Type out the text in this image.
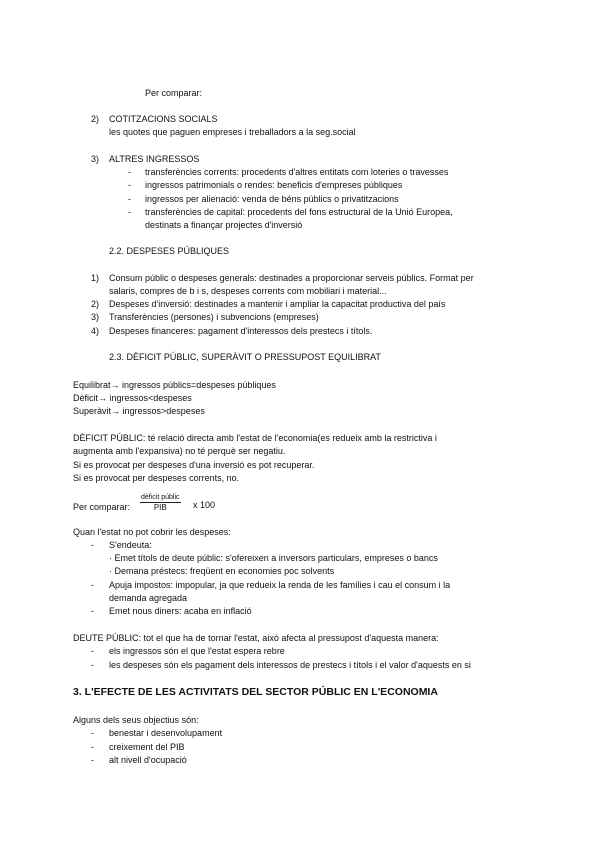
Per comparar:
2) COTITZACIONS SOCIALS
les quotes que paguen empreses i treballadors a la seg.social
3) ALTRES INGRESSOS
- transferències corrents: procedents d'altres entitats com loteries o travesses
- ingressos patrimonials o rendes: beneficis d'empreses públiques
- ingressos per alienació: venda de béns públics o privatitzacions
- transferències de capital: procedents del fons estructural de la Unió Europea,
destinats a finançar projectes d'inversió
2.2. DESPESES PÚBLIQUES
1) Consum públic o despeses generals: destinades a proporcionar serveis públics. Format per
salaris, compres de b i s, despeses corrents com mobiliari i material...
2) Despeses d'inversió: destinades a mantenir i ampliar la capacitat productiva del país
3) Transferències (persones) i subvencions (empreses)
4) Despeses financeres: pagament d'interessos dels prestecs i títols.
2.3. DÈFICIT PÚBLIC, SUPERÀVIT O PRESSUPOST EQUILIBRAT
Equilibrat→ ingressos públics=despeses públiques
Dèficit→ ingressos<despeses
Superàvit→ ingressos>despeses
DÈFICIT PÚBLIC: té relació directa amb l'estat de l'economia(es redueix amb la restrictiva i
augmenta amb l'expansiva) no té perquè ser negatiu.
Si es provocat per despeses d'una inversió es pot recuperar.
Si es provocat per despeses corrents, no.
Per comparar:
dèficit públic
PIB	x 100
Quan l'estat no pot cobrir les despeses:
- S'endeuta:
· Emet títols de deute públic: s'ofereixen a inversors particulars, empreses o bancs
· Demana préstecs: freqüent en economies poc solvents
- Apuja impostos: impopular, ja que redueix la renda de les famílies i cau el consum i la
demanda agregada
- Emet nous diners: acaba en inflació
DEUTE PÚBLIC: tot el que ha de tornar l'estat, això afecta al pressupost d'aquesta manera:
- els ingressos són el que l'estat espera rebre
- les despeses són els pagament dels interessos de prestecs i títols i el valor d'aquests en si
3. L'EFECTE DE LES ACTIVITATS DEL SECTOR PÚBLIC EN L'ECONOMIA
Alguns dels seus objectius són:
- benestar i desenvolupament
- creixement del PIB
- alt nivell d'ocupació
